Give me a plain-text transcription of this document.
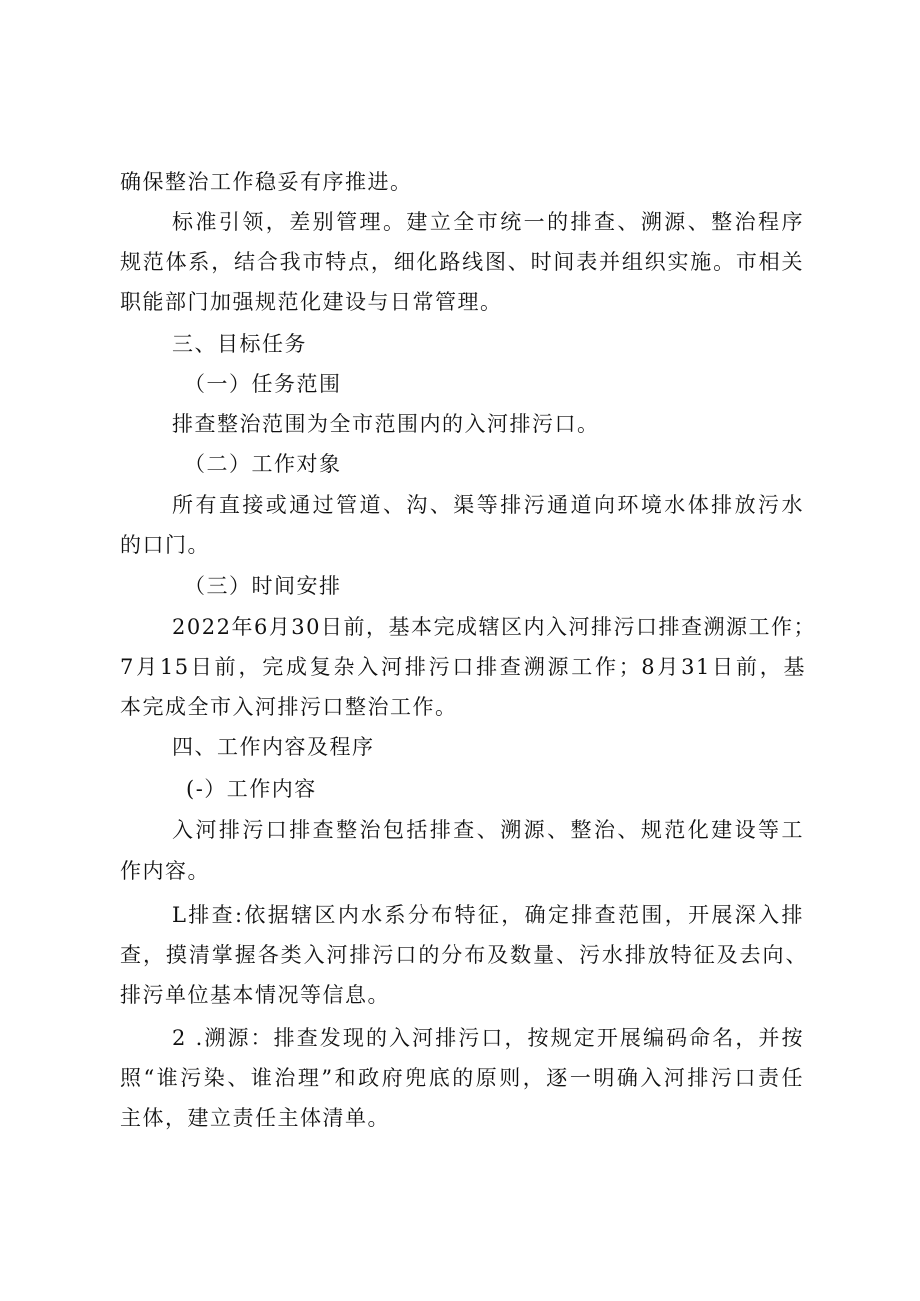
确保整治工作稳妥有序推进。
标准引领，差别管理。建立全市统一的排查、溯源、整治程序
规范体系，结合我市特点，细化路线图、时间表并组织实施。市相关
职能部门加强规范化建设与日常管理。
三、目标任务
（一）任务范围
排查整治范围为全市范围内的入河排污口。
（二）工作对象
所有直接或通过管道、沟、渠等排污通道向环境水体排放污水
的口门。
（三）时间安排
2022年6月30日前，基本完成辖区内入河排污口排查溯源工作；
7月15日前，完成复杂入河排污口排查溯源工作；8月31日前，基
本完成全市入河排污口整治工作。
四、工作内容及程序
(-）工作内容
入河排污口排查整治包括排查、溯源、整治、规范化建设等工
作内容。
L排查:依据辖区内水系分布特征，确定排查范围，开展深入排
查，摸清掌握各类入河排污口的分布及数量、污水排放特征及去向、
排污单位基本情况等信息。
2 .溯源：排查发现的入河排污口，按规定开展编码命名，并按
照“谁污染、谁治理”和政府兜底的原则，逐一明确入河排污口责任
主体，建立责任主体清单。
